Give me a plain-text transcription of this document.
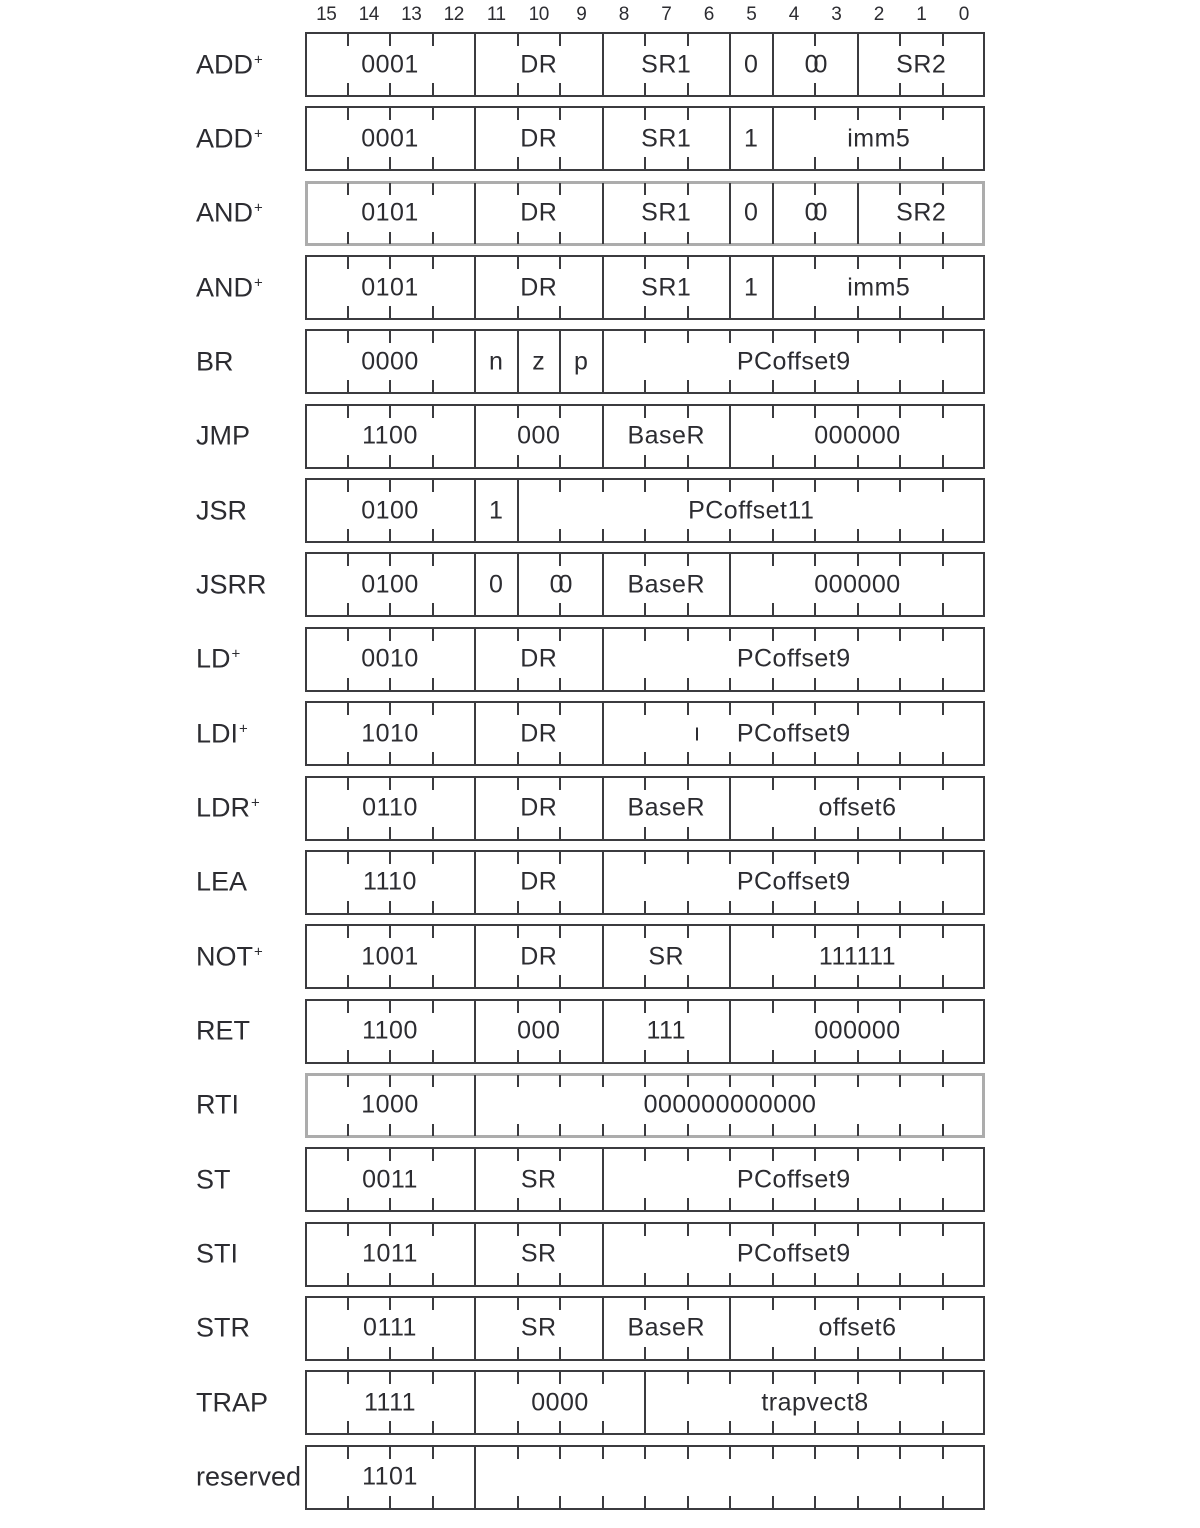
15 14 13 12 11 10 9 8 7 6 5 4 3 2 1 0
ADD+	0001	DR	SR1	0	00	SR2
ADD+	0001	DR	SR1	1	imm5
AND+	0101	DR	SR1	0	00	SR2
AND+	0101	DR	SR1	1	imm5
BR	0000	n	z	p	PCoffset9
JMP	1100	000	BaseR	000000
JSR	0100	1	PCoffset11
JSRR	0100	0	00	BaseR	000000
LD+	0010	DR	PCoffset9
LDI+	1010	DR	PCoffset9
LDR+	0110	DR	BaseR	offset6
LEA	1110	DR	PCoffset9
NOT+	1001	DR	SR	111111
RET	1100	000	111	000000
RTI	1000	000000000000
ST	0011	SR	PCoffset9
STI	1011	SR	PCoffset9
STR	0111	SR	BaseR	offset6
TRAP	1111	0000	trapvect8
reserved	1101
